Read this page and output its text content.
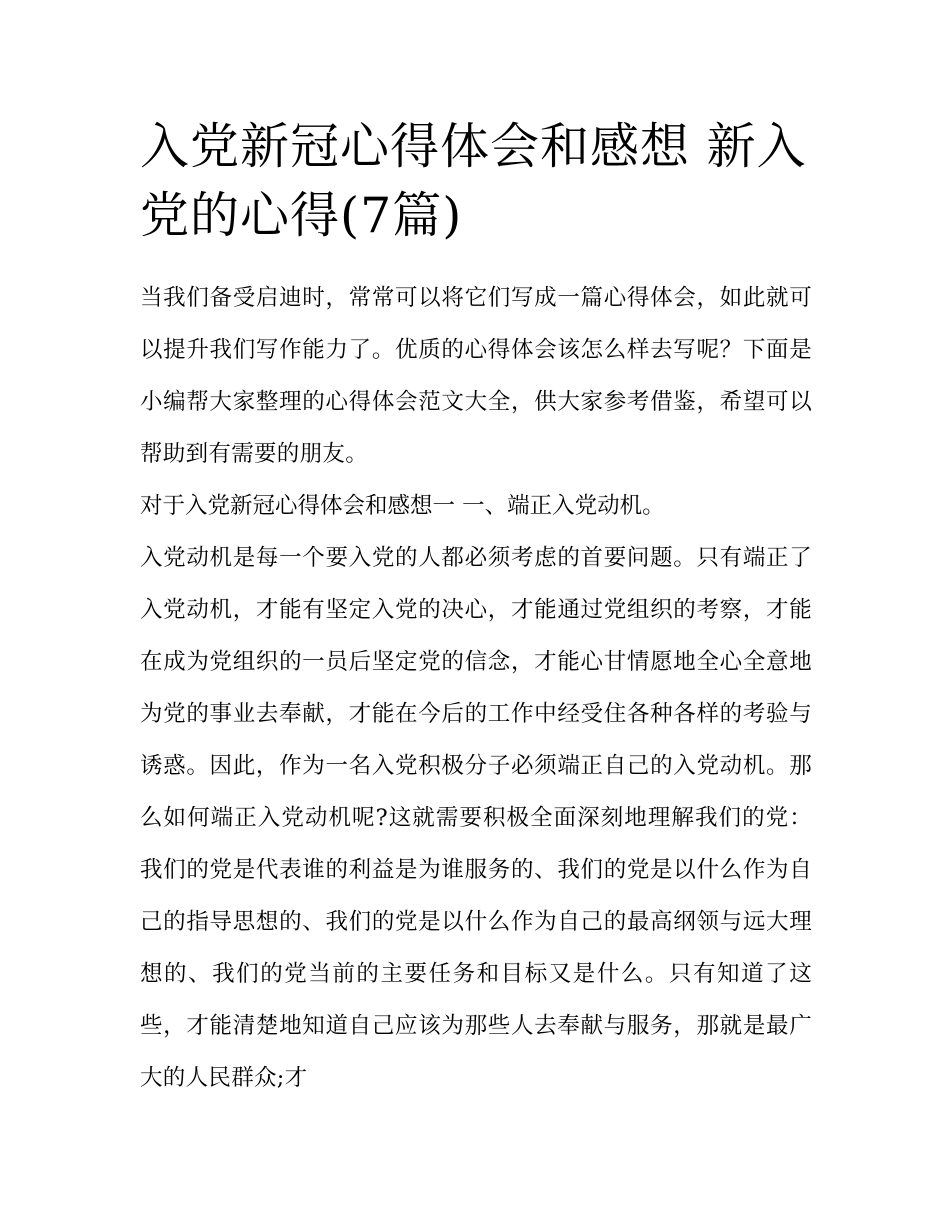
入党新冠心得体会和感想 新入党的心得(7篇)

当我们备受启迪时，常常可以将它们写成一篇心得体会，如此就可以提升我们写作能力了。优质的心得体会该怎么样去写呢？下面是小编帮大家整理的心得体会范文大全，供大家参考借鉴，希望可以帮助到有需要的朋友。

对于入党新冠心得体会和感想一 一、端正入党动机。

入党动机是每一个要入党的人都必须考虑的首要问题。只有端正了入党动机，才能有坚定入党的决心，才能通过党组织的考察，才能在成为党组织的一员后坚定党的信念，才能心甘情愿地全心全意地为党的事业去奉献，才能在今后的工作中经受住各种各样的考验与诱惑。因此，作为一名入党积极分子必须端正自己的入党动机。那么如何端正入党动机呢?这就需要积极全面深刻地理解我们的党：我们的党是代表谁的利益是为谁服务的、我们的党是以什么作为自己的指导思想的、我们的党是以什么作为自己的最高纲领与远大理想的、我们的党当前的主要任务和目标又是什么。只有知道了这些，才能清楚地知道自己应该为那些人去奉献与服务，那就是最广大的人民群众;才
